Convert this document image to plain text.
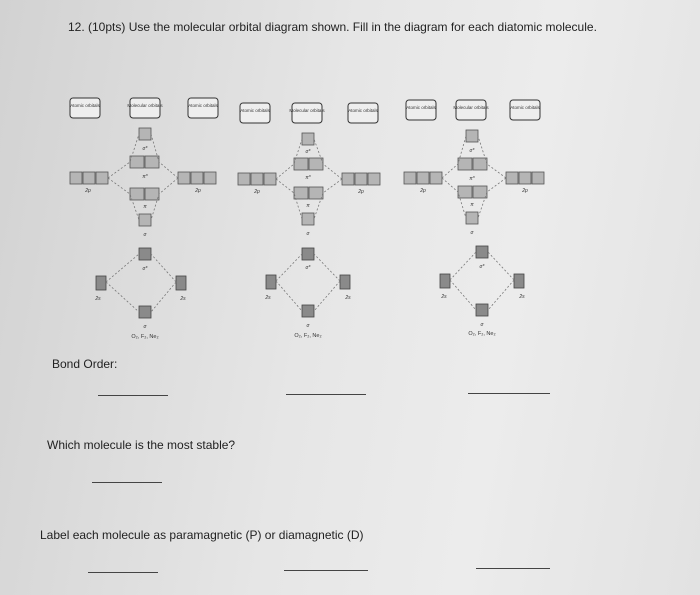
12. (10pts) Use the molecular orbital diagram shown. Fill in the diagram for each diatomic molecule.
Atomic orbitals	Molecular orbitals	Atomic orbitals
σ*
π*
π
σ
σ*
σ
2p	2p
2s	2s
O₂, F₂, Ne₂
Atomic orbitals	Molecular orbitals	Atomic orbitals
σ*
π*
π
σ
σ*
σ
2p	2p
2s	2s
O₂, F₂, Ne₂
Atomic orbitals	Molecular orbitals	Atomic orbitals
σ*
π*
π
σ
σ*
σ
2p	2p
2s	2s
O₂, F₂, Ne₂
Bond Order:
Which molecule is the most stable?
Label each molecule as paramagnetic (P) or diamagnetic (D)
